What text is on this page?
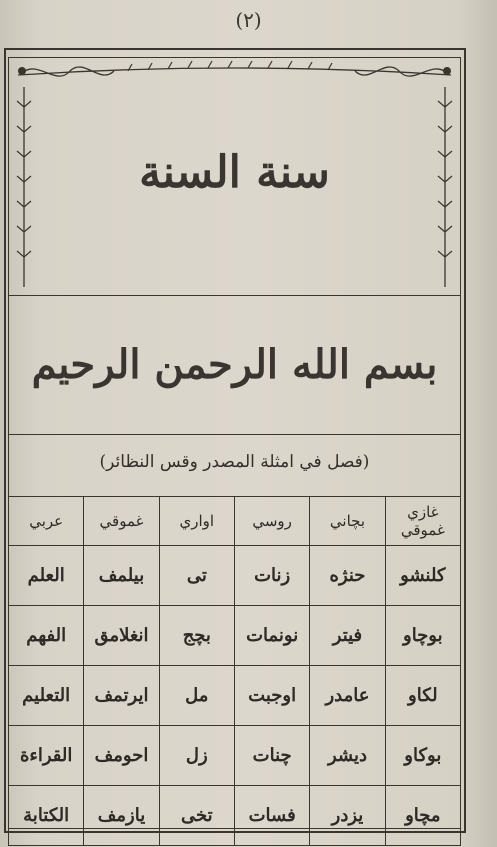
(٢)
سنة السنة
بسم الله الرحمن الرحيم
(فصل في امثلة المصدر وقس النظائر)
عربي	غموقي	اواري	روسي	بچاني	غازي غموقي
العلم	بيلمف	تى	زنات	حنژه	كلنشو
الفهم	انغلامق	بچج	نونمات	فيتر	بوچاو
التعليم	ايرتمف	مل	اوجبت	عامدر	لكاو
القراءة	احومف	زل	چنات	ديشر	بوكاو
الكتابة	يازمف	تخى	فسات	يزدر	مچاو
